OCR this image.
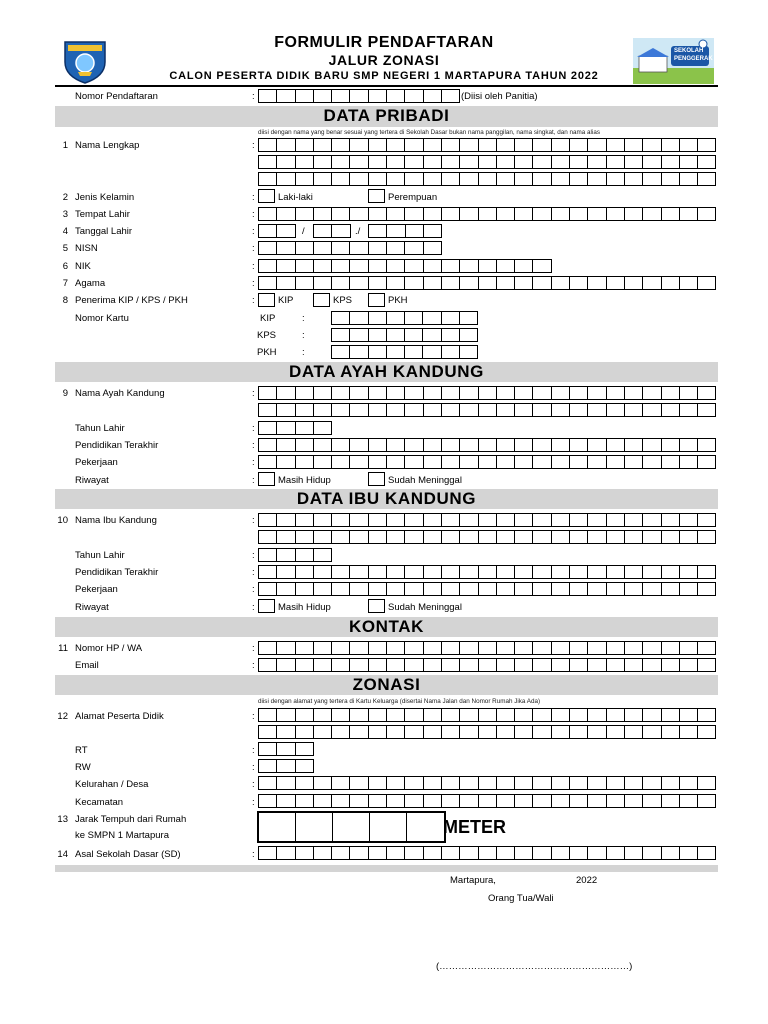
SEKOLAH
PENGGERAK
FORMULIR PENDAFTARAN
JALUR ZONASI
CALON PESERTA DIDIK BARU SMP NEGERI 1 MARTAPURA TAHUN 2022
Nomor Pendaftaran	:	(Diisi oleh Panitia)
DATA PRIBADI
diisi dengan nama yang benar sesuai yang tertera di Sekolah Dasar bukan nama panggilan, nama singkat, dan nama alias
1 Nama Lengkap	:
2 Jenis Kelamin	: Laki-laki	Perempuan
3 Tempat Lahir	:
4 Tanggal Lahir	:	/	./
5 NISN	:
6 NIK	:
7 Agama	:
8 Penerima KIP / KPS / PKH	: KIP	KPS	PKH
Nomor Kartu	KIP	:
KPS	:
PKH	:
DATA AYAH KANDUNG
9 Nama Ayah Kandung	:
Tahun Lahir	:
Pendidikan Terakhir	:
Pekerjaan	:
Riwayat	: Masih Hidup	Sudah Meninggal
DATA IBU KANDUNG
10 Nama Ibu Kandung	:
Tahun Lahir	:
Pendidikan Terakhir	:
Pekerjaan	:
Riwayat	: Masih Hidup	Sudah Meninggal
KONTAK
11 Nomor HP / WA	:
Email	:
ZONASI
diisi dengan alamat yang tertera di Kartu Keluarga (disertai Nama Jalan dan Nomor Rumah Jika Ada)
12 Alamat Peserta Didik	:
RT	:
RW	:
Kelurahan / Desa	:
Kecamatan	:
13 Jarak Tempuh dari Rumah
ke SMPN 1 Martapura	METER
14 Asal Sekolah Dasar (SD)	:
Martapura,	2022
Orang Tua/Wali
(……………………………………………………)
